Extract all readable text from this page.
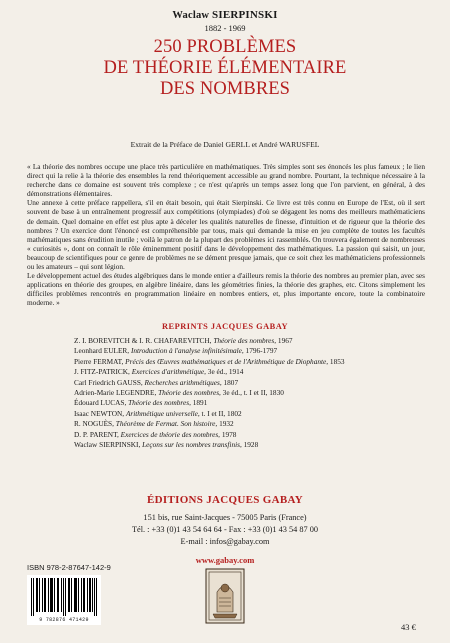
Waclaw SIERPINSKI
1882 - 1969
250 PROBLÈMES
DE THÉORIE ÉLÉMENTAIRE
DES NOMBRES
Extrait de la Préface de Daniel GERLL et André WARUSFEL

« La théorie des nombres occupe une place très particulière en mathématiques. Très simples sont ses énoncés les plus fameux ; le lien direct qui la relie à la théorie des ensembles la rend théoriquement accessible au grand nombre. Pourtant, la technique nécessaire à la recherche dans ce domaine est souvent très complexe ; ce n'est qu'après un temps assez long que l'on parvient, en général, à des démonstrations élémentaires.

Une annexe à cette préface rappellera, s'il en était besoin, qui était Sierpinski. Ce livre est très connu en Europe de l'Est, où il sert souvent de base à un entraînement progressif aux compétitions (olympiades) d'où se dégagent les noms des meilleurs mathématiciens de demain. Quel domaine en effet est plus apte à déceler les qualités naturelles de finesse, d'intuition et de rigueur que la théorie des nombres ? Un exercice dont l'énoncé est compréhensible par tous, mais qui demande la mise en jeu complète de toutes les facultés mathématiques sans érudition inutile ; voilà le patron de la plupart des problèmes ici rassemblés. On trouvera également de nombreuses « curiosités », dont on connaît le rôle éminemment positif dans le développement des mathématiques. La passion qui saisit, un jour, beaucoup de scientifiques pour ce genre de problèmes ne se dément presque jamais, que ce soit chez les mathématiciens professionnels ou les amateurs – qui sont légion.

Le développement actuel des études algébriques dans le monde entier a d'ailleurs remis la théorie des nombres au premier plan, avec ses applications en théorie des groupes, en algèbre linéaire, dans les géométries finies, la théorie des graphes, etc. Citons simplement les difficiles problèmes rencontrés en programmation linéaire en nombres entiers, et, plus importante encore, toute la combinatoire moderne. »

REPRINTS JACQUES GABAY
Z. I. BOREVITCH & I. R. CHAFAREVITCH, Théorie des nombres, 1967
Leonhard EULER, Introduction à l'analyse infinitésimale, 1796-1797
Pierre FERMAT, Précis des Œuvres mathématiques et de l'Arithmétique de Diophante, 1853
J. FITZ-PATRICK, Exercices d'arithmétique, 3e éd., 1914
Carl Friedrich GAUSS, Recherches arithmétiques, 1807
Adrien-Marie LEGENDRE, Théorie des nombres, 3e éd., t. I et II, 1830
Édouard LUCAS, Théorie des nombres, 1891
Isaac NEWTON, Arithmétique universelle, t. I et II, 1802
R. NOGUÈS, Théorème de Fermat. Son histoire, 1932
D. P. PARENT, Exercices de théorie des nombres, 1978
Waclaw SIERPINSKI, Leçons sur les nombres transfinis, 1928
ÉDITIONS JACQUES GABAY
151 bis, rue Saint-Jacques - 75005 Paris (France)
Tél. : +33 (0)1 43 54 64 64 - Fax : +33 (0)1 43 54 87 00
E-mail : infos@gabay.com
www.gabay.com
ISBN 978-2-87647-142-9
9 782876 471429
43 €
